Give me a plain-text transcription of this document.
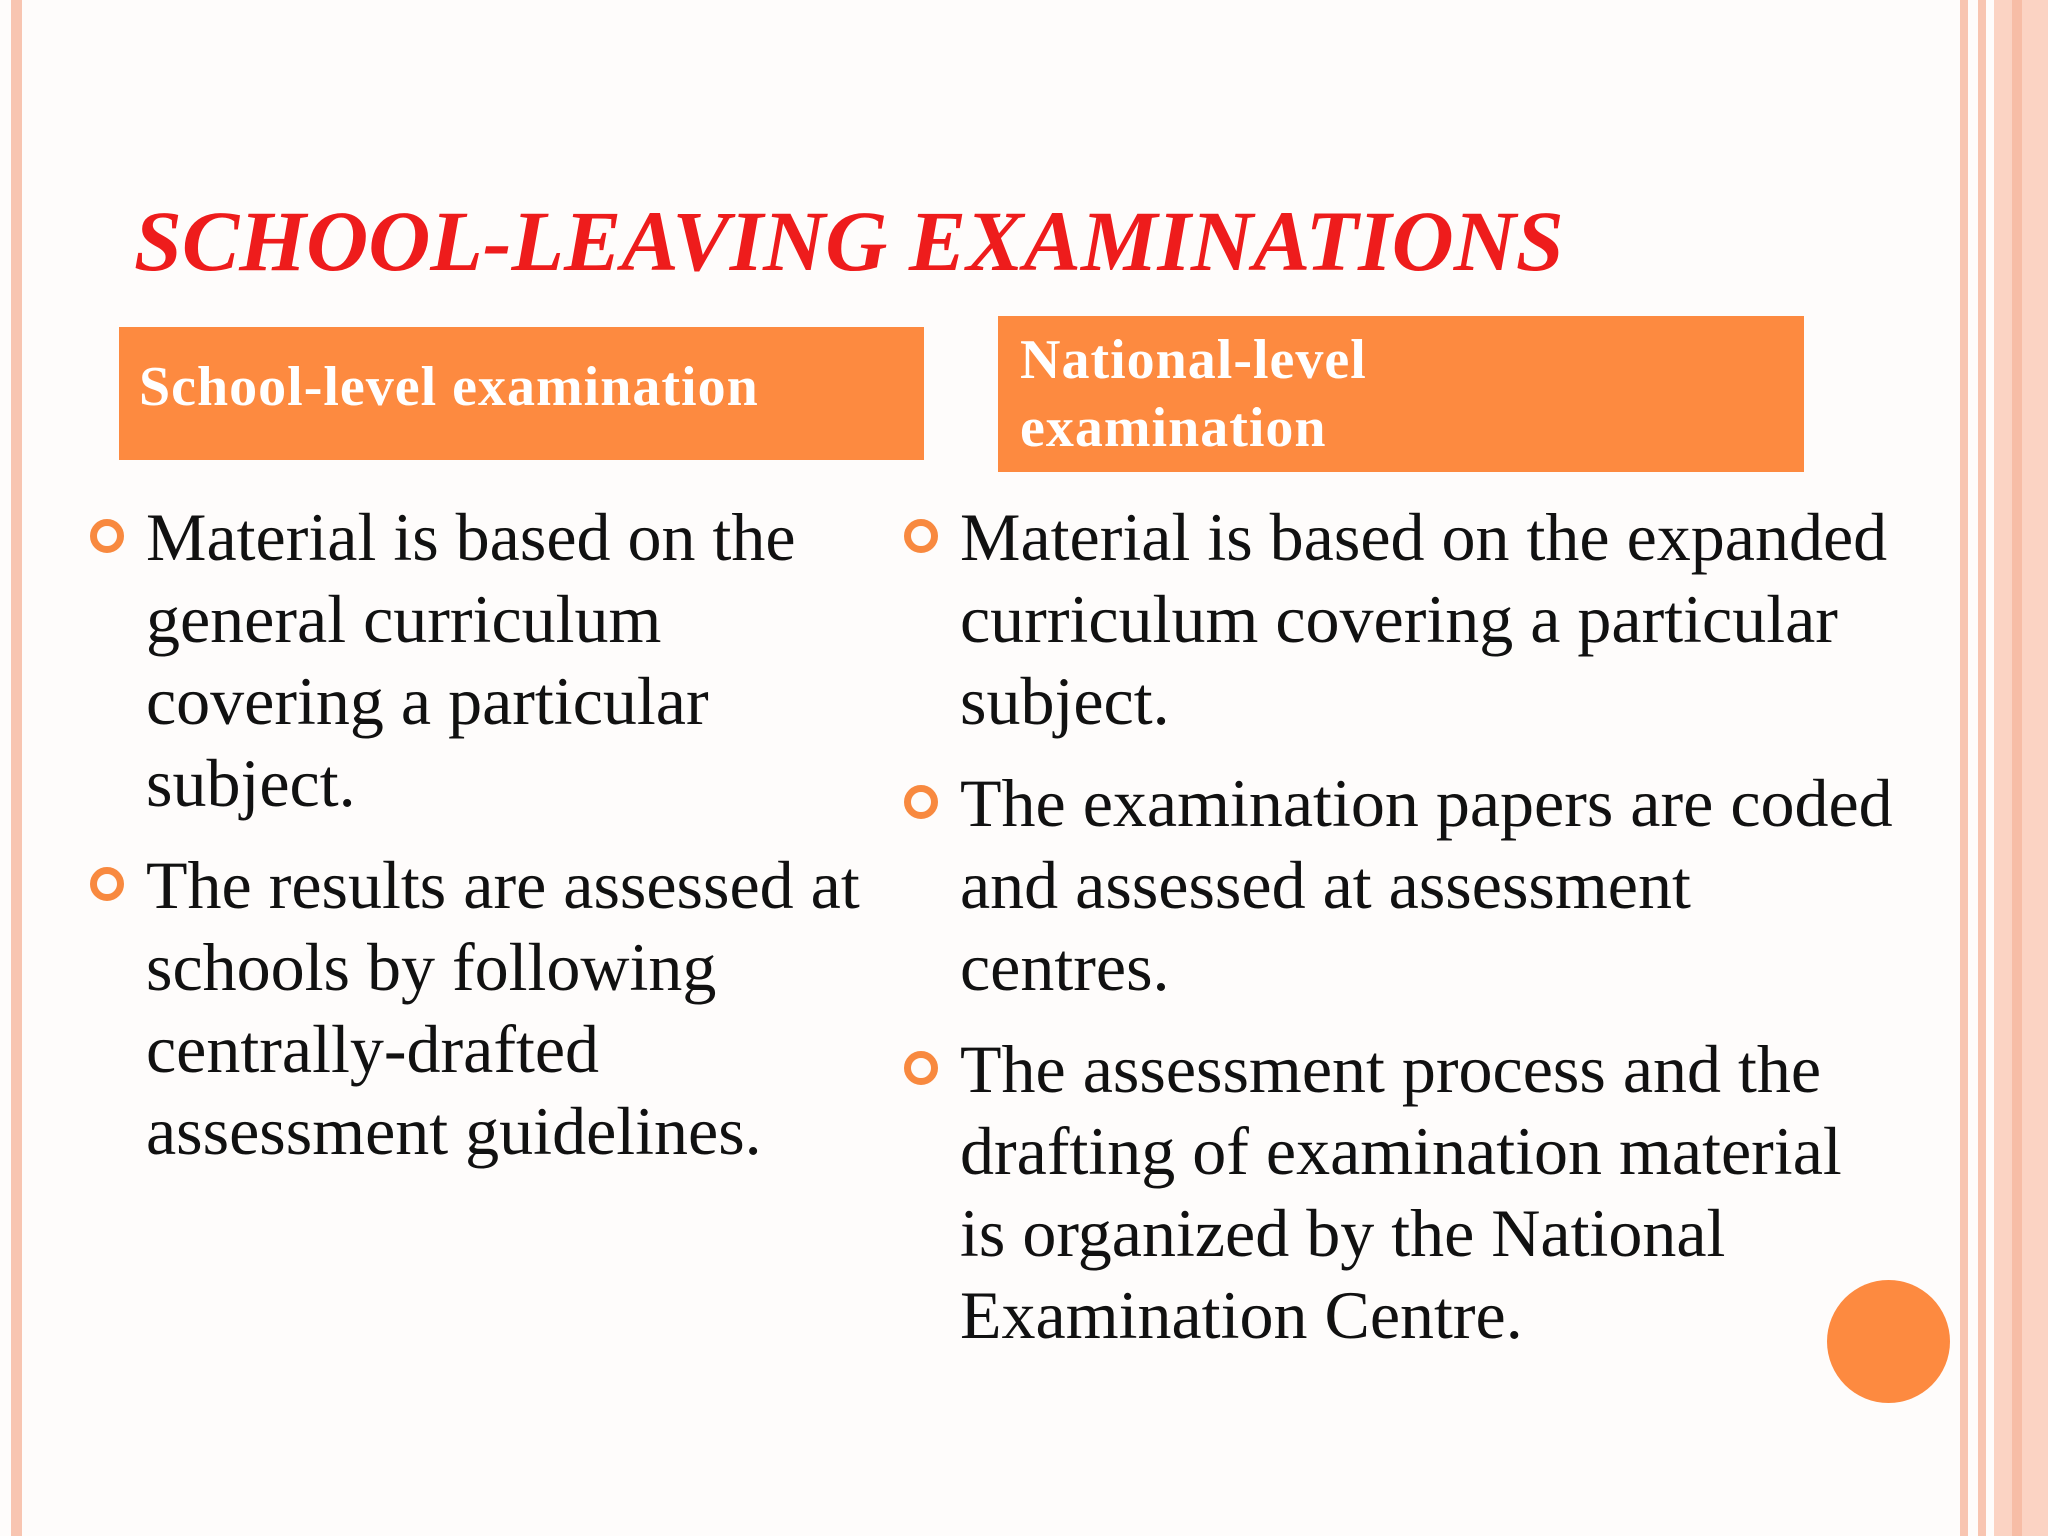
SCHOOL-LEAVING EXAMINATIONS
School-level examination	National-level
examination
Material is based on the general curriculum covering a particular subject.
The results are assessed at schools by following centrally-drafted assessment guidelines.
Material is based on the expanded curriculum covering a particular subject.
The examination papers are coded and assessed at assessment centres.
The assessment process and the drafting of examination material is organized by the National Examination Centre.
